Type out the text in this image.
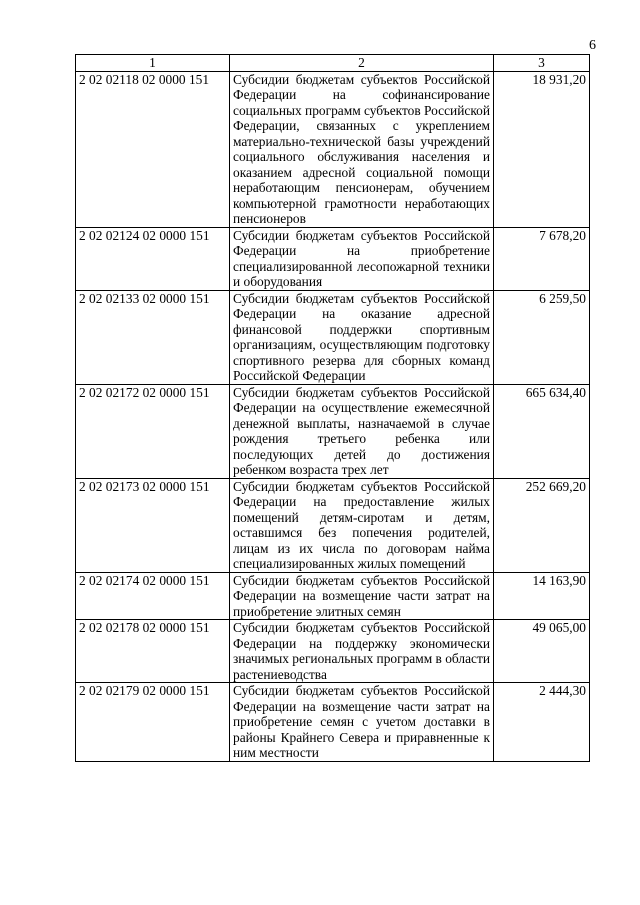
6
1	2	3
2 02 02118 02 0000 151	Субсидии бюджетам субъектов Российской Федерации на софинансирование социальных программ субъектов Российской Федерации, связанных с укреплением материально-технической базы учреждений социального обслуживания населения и оказанием адресной социальной помощи неработающим пенсионерам, обучением компьютерной грамотности неработающих пенсионеров	18 931,20
2 02 02124 02 0000 151	Субсидии бюджетам субъектов Российской Федерации на приобретение специализированной лесопожарной техники и оборудования	7 678,20
2 02 02133 02 0000 151	Субсидии бюджетам субъектов Российской Федерации на оказание адресной финансовой поддержки спортивным организациям, осуществляющим подготовку спортивного резерва для сборных команд Российской Федерации	6 259,50
2 02 02172 02 0000 151	Субсидии бюджетам субъектов Российской Федерации на осуществление ежемесячной денежной выплаты, назначаемой в случае рождения третьего ребенка или последующих детей до достижения ребенком возраста трех лет	665 634,40
2 02 02173 02 0000 151	Субсидии бюджетам субъектов Российской Федерации на предоставление жилых помещений детям-сиротам и детям, оставшимся без попечения родителей, лицам из их числа по договорам найма специализированных жилых помещений	252 669,20
2 02 02174 02 0000 151	Субсидии бюджетам субъектов Российской Федерации на возмещение части затрат на приобретение элитных семян	14 163,90
2 02 02178 02 0000 151	Субсидии бюджетам субъектов Российской Федерации на поддержку экономически значимых региональных программ в области растениеводства	49 065,00
2 02 02179 02 0000 151	Субсидии бюджетам субъектов Российской Федерации на возмещение части затрат на приобретение семян с учетом доставки в районы Крайнего Севера и приравненные к ним местности	2 444,30
